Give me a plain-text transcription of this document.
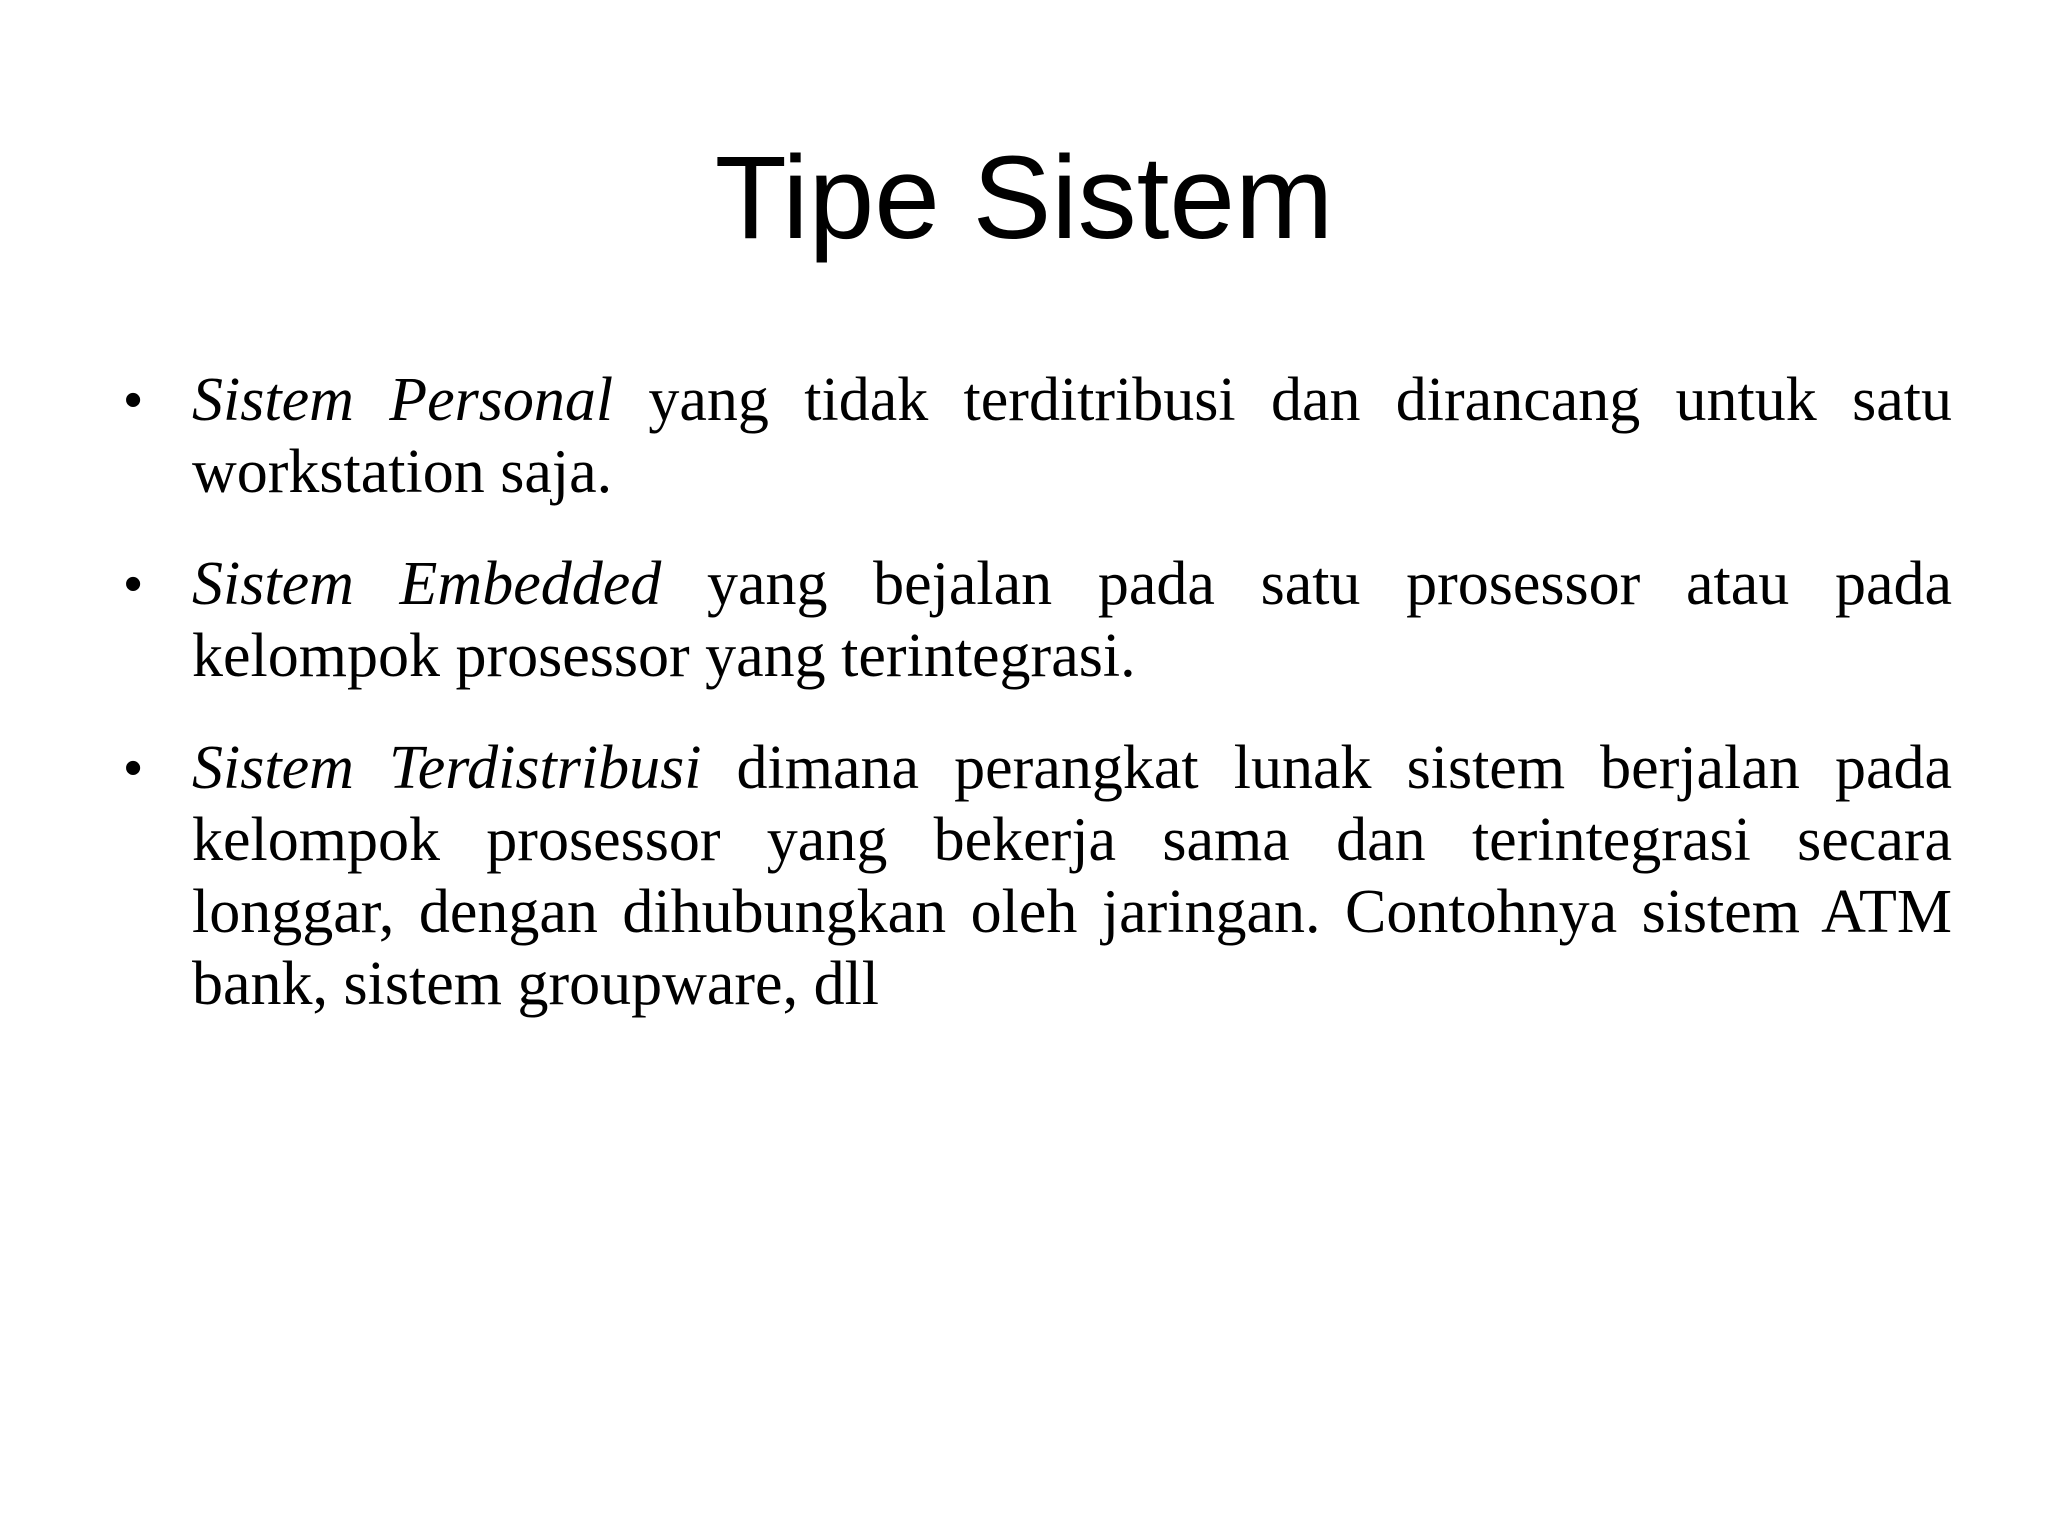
Tipe Sistem
• Sistem Personal yang tidak terditribusi dan dirancang untuk satu workstation saja.
• Sistem Embedded yang bejalan pada satu prosessor atau pada kelompok prosessor yang terintegrasi.
• Sistem Terdistribusi dimana perangkat lunak sistem berjalan pada kelompok prosessor yang bekerja sama dan terintegrasi secara longgar, dengan dihubungkan oleh jaringan. Contohnya sistem ATM bank, sistem groupware, dll
